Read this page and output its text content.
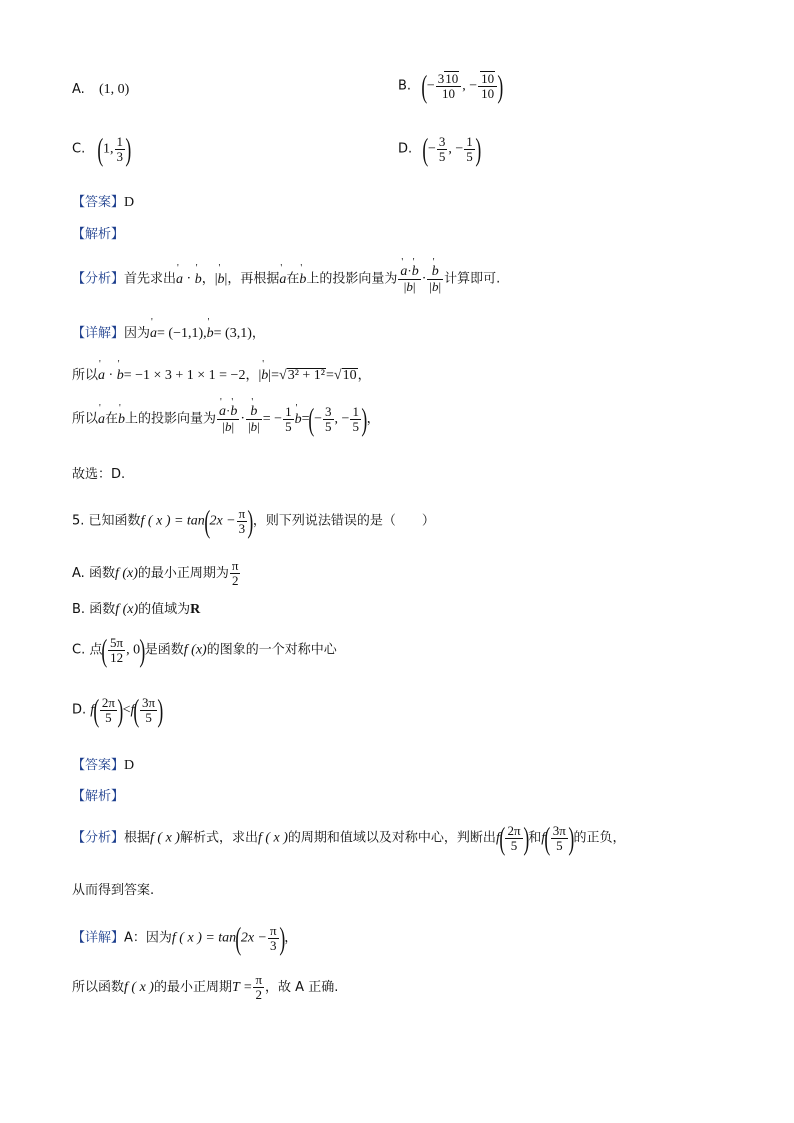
A. (1, 0)	B. (− $\frac{310}{10}$ , − $\frac{10}{10}$ )
C. (1, $\frac{1}{3}$ )	D. (− $\frac{3}{5}$ , − $\frac{1}{5}$ )
【答案】D
【解析】
【分析】首先求出' a · ' b，|' b|，再根据' a在' b上的投影向量为 ' $\frac{a\cdot' b}{|b|}$ · ' $\frac{b}{|b|}$ 计算即可.
【详解】因为' a= (−1,1),' b= (3,1)，
所以' a · ' b= −1 × 3 + 1 × 1 = −2，|' b|=√3² + 1²=√10，
所以' a在' b上的投影向量为 ' $\frac{a\cdot' b}{|b|}$ · ' $\frac{b}{|b|}$ = − $\frac{1}{5}$ ' $b=(- \frac{3}{5}$ , − $\frac{1}{5}$ )，
故选：D.
5. 已知函数f ( x ) = $\tan(2x - \frac{\pi}{3}$ )，则下列说法错误的是（　　）
A. 函数f (x)的最小正周期为 $\frac{\pi}{2}$
B. 函数f (x)的值域为R
C. 点( $\frac{5\pi}{12}$ , 0)是函数f (x)的图象的一个对称中心
D. $f( \frac{2\pi}{5} )<f( \frac{3\pi}{5}$ )
【答案】D
【解析】
【分析】根据f ( x )解析式，求出f ( x )的周期和值域以及对称中心，判断出$f( \frac{2\pi}{5}$ )和$f( \frac{3\pi}{5}$ )的正负，
从而得到答案.
【详解】A：因为f ( x ) = $\tan(2x - \frac{\pi}{3}$ )，
所以函数f ( x )的最小正周期$T = \frac{\pi}{2}$ ，故 A 正确.
